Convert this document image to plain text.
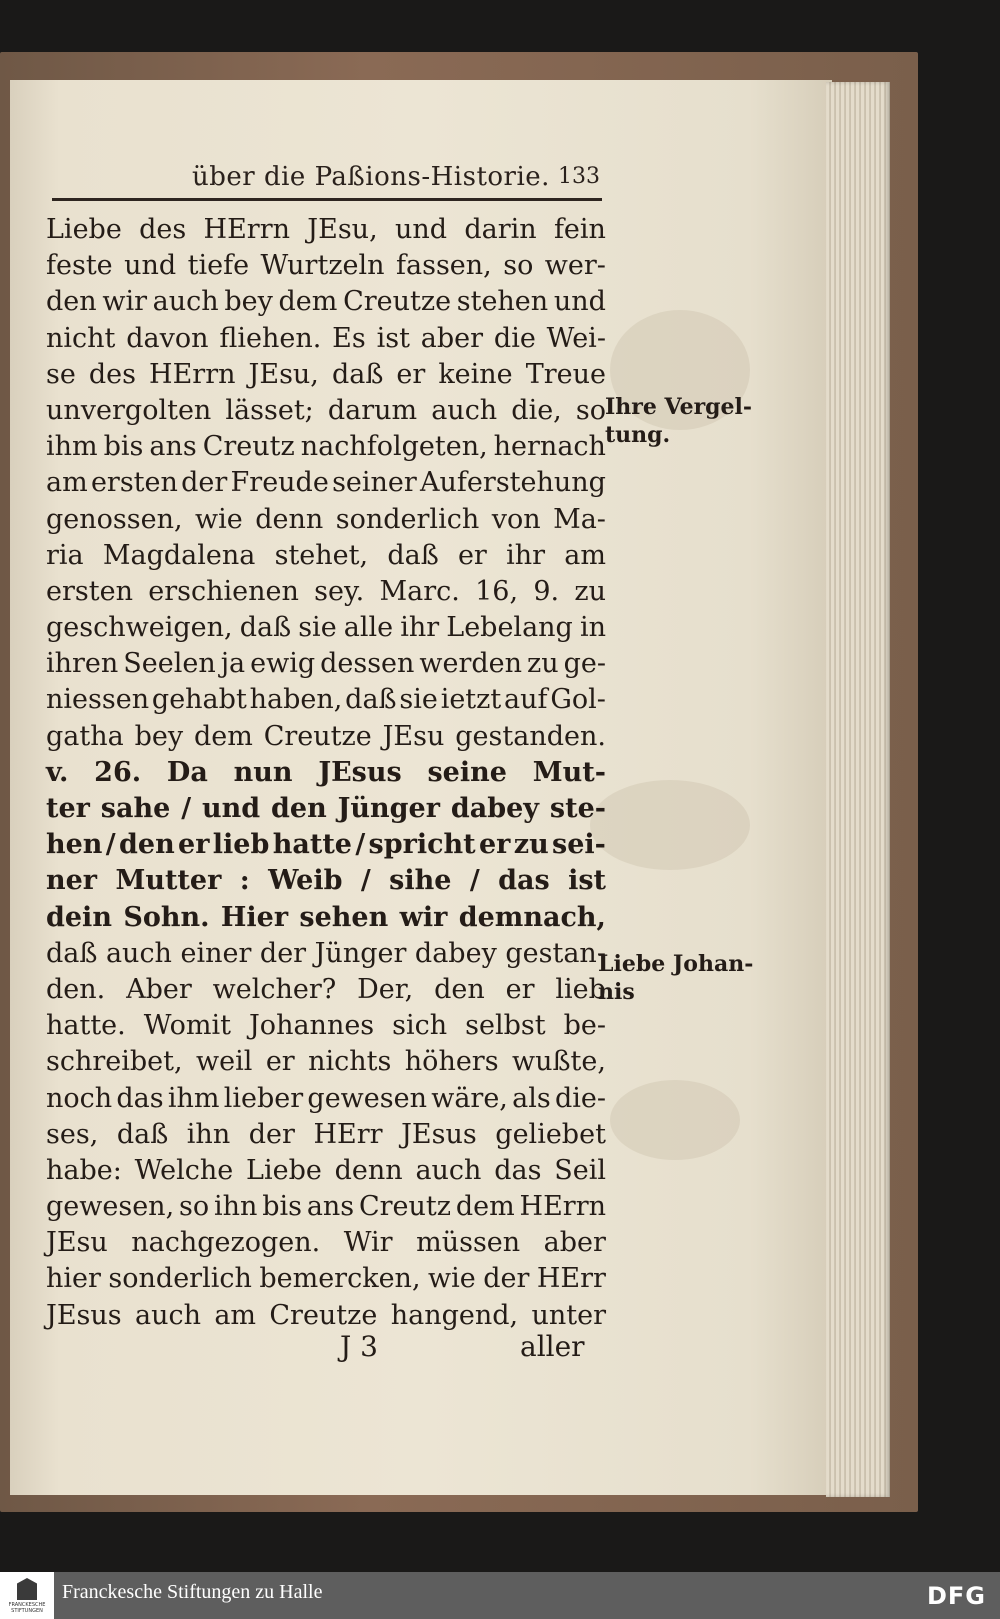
über die Paßions-Historie. 133
Liebe des HErrn JEsu, und darin fein
feste und tiefe Wurtzeln fassen, so wer-
den wir auch bey dem Creutze stehen und
nicht davon fliehen. Es ist aber die Wei-
se des HErrn JEsu, daß er keine Treue
unvergolten lässet; darum auch die, so
ihm bis ans Creutz nachfolgeten, hernach
am ersten der Freude seiner Auferstehung
genossen, wie denn sonderlich von Ma-
ria Magdalena stehet, daß er ihr am
ersten erschienen sey. Marc. 16, 9. zu
geschweigen, daß sie alle ihr Lebelang in
ihren Seelen ja ewig dessen werden zu ge-
niessen gehabt haben, daß sie ietzt auf Gol-
gatha bey dem Creutze JEsu gestanden.
v. 26. Da nun JEsus seine Mut-
ter sahe / und den Jünger dabey ste-
hen / den er lieb hatte / spricht er zu sei-
ner Mutter : Weib / sihe / das ist
dein Sohn. Hier sehen wir demnach,
daß auch einer der Jünger dabey gestan-
den. Aber welcher? Der, den er lieb
hatte. Womit Johannes sich selbst be-
schreibet, weil er nichts höhers wußte,
noch das ihm lieber gewesen wäre, als die-
ses, daß ihn der HErr JEsus geliebet
habe: Welche Liebe denn auch das Seil
gewesen, so ihn bis ans Creutz dem HErrn
JEsu nachgezogen. Wir müssen aber
hier sonderlich bemercken, wie der HErr
JEsus auch am Creutze hangend, unter
Ihre Vergel-
tung.
Liebe Johan-
nis
J 3	aller
FRANCKESCHE STIFTUNGEN
Franckesche Stiftungen zu Halle	DFG
